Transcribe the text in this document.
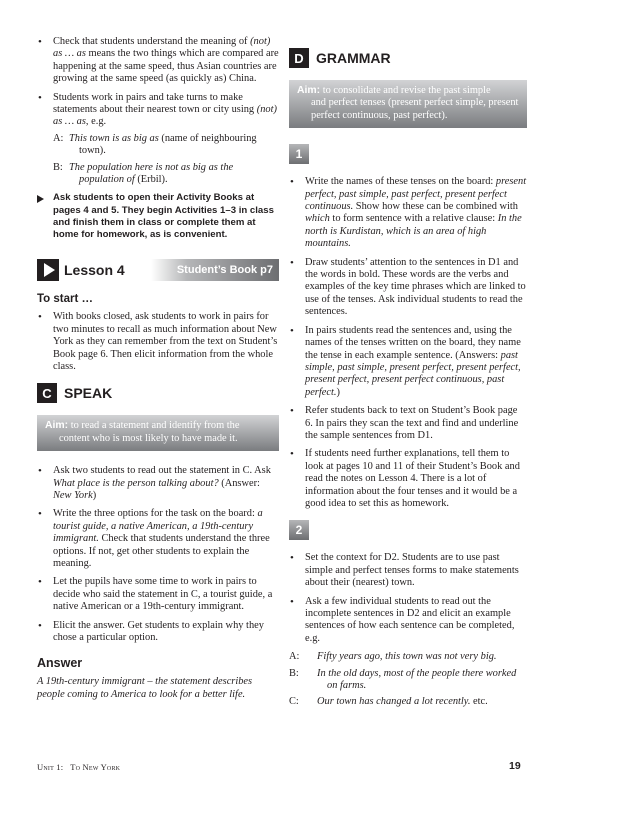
• Check that students understand the meaning of (not) as … as means the two things which are compared are happening at the same speed, thus Asian countries are growing at the same speed (as quickly as) China.

• Students work in pairs and take turns to make statements about their nearest town or city using (not) as … as, e.g.

A: This town is as big as (name of neighbouring
town).

B: The population here is not as big as the
population of (Erbil).

Ask students to open their Activity Books at pages 4 and 5. They begin Activities 1–3 in class and finish them in class or complete them at home for homework, as is convenient.

Lesson 4	Student’s Book p7
To start …

• With books closed, ask students to work in pairs for two minutes to recall as much information about New York as they can remember from the text on Student’s Book page 6. Then elicit information from the whole class.

C SPEAK

Aim: to read a statement and identify from the
content who is most likely to have made it.

• Ask two students to read out the statement in C. Ask What place is the person talking about? (Answer: New York)

• Write the three options for the task on the board: a tourist guide, a native American, a 19th-century immigrant. Check that students understand the three options. If not, get other students to explain the meaning.

• Let the pupils have some time to work in pairs to decide who said the statement in C, a tourist guide, a native American or a 19th-century immigrant.

• Elicit the answer. Get students to explain why they chose a particular option.

Answer

A 19th-century immigrant – the statement describes people coming to America to look for a better life.

D GRAMMAR

Aim: to consolidate and revise the past simple
and perfect tenses (present perfect simple, present perfect continuous, past perfect).

1

• Write the names of these tenses on the board: present perfect, past simple, past perfect, present perfect continuous. Show how these can be combined with which to form sentence with a relative clause: In the north is Kurdistan, which is an area of high mountains.

• Draw students’ attention to the sentences in D1 and the words in bold. These words are the verbs and examples of the key time phrases which are linked to use of the tenses. Ask individual students to read the sentences.

• In pairs students read the sentences and, using the names of the tenses written on the board, they name the tense in each example sentence. (Answers: past simple, past simple, present perfect, present perfect, present perfect, present perfect continuous, past perfect.)

• Refer students back to text on Student’s Book page 6. In pairs they scan the text and find and underline the sample sentences from D1.

• If students need further explanations, tell them to look at pages 10 and 11 of their Student’s Book and read the notes on Lesson 4. There is a lot of information about the four tenses and it would be a good idea to set this as homework.

2

• Set the context for D2. Students are to use past simple and perfect tenses forms to make statements about their (nearest) town.

• Ask a few individual students to read out the incomplete sentences in D2 and elicit an example sentences of how each sentence can be completed, e.g.

A: Fifty years ago, this town was not very big.

B: In the old days, most of the people there worked
on farms.

C: Our town has changed a lot recently. etc.

Unit 1: To New York	19
